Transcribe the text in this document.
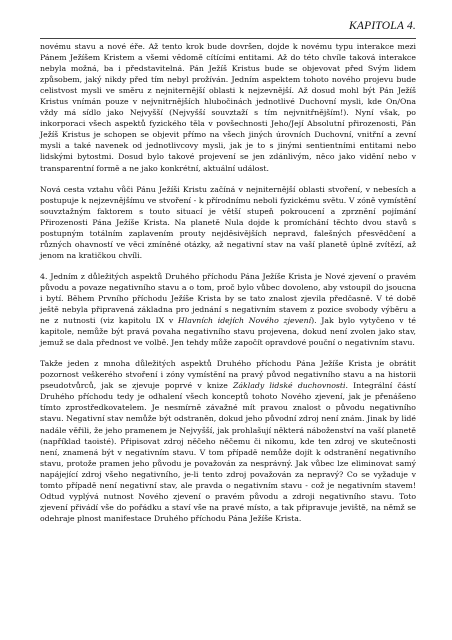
KAPITOLA 4.

novému stavu a nové éře. Až tento krok bude dovršen, dojde k novému typu interakce mezi Pánem Ježíšem Kristem a všemi vědomě cítícími entitami. Až do této chvíle taková interakce nebyla možná, ba i představitelná. Pán Ježíš Kristus bude se objevovat před Svým lidem způsobem, jaký nikdy před tím nebyl prožíván. Jedním aspektem tohoto nového projevu bude celistvost mysli ve směru z nejniternější oblasti k nejzevnější. Až dosud mohl být Pán Ježíš Kristus vnímán pouze v nejvnitrnějších hlubočinách jednotlivé Duchovní mysli, kde On/Ona vždy má sídlo jako Nejvyšší (Nejvyšší souvztaží s tím nejvnitřnějším!). Nyní však, po inkorporaci všech aspektů fyzického těla v povšechnosti Jeho/Její Absolutní přirozenosti, Pán Ježíš Kristus je schopen se objevit přímo na všech jiných úrovních Duchovní, vnitřní a zevní mysli a také navenek od jednotlivcovy mysli, jak je to s jinými sentientními entitami nebo lidskými bytostmi. Dosud bylo takové projevení se jen zdánlivým, něco jako vidění nebo v transparentní formě a ne jako konkrétní, aktuální událost.

Nová cesta vztahu vůči Pánu Ježíši Kristu začíná v nejniternější oblasti stvoření, v nebesích a postupuje k nejzevnějšímu ve stvoření - k přírodnímu neboli fyzickému světu. V zóně vymístění souvztažným faktorem s touto situací je větší stupeň pokroucení a zprznění pojímání Přirozenosti Pána Ježíše Krista. Na planetě Nula dojde k promíchání těchto dvou stavů s postupným totálním zaplavením prouty nejděsivějších nepravd, falešných přesvědčení a různých ohavností ve věci zmíněné otázky, až negativní stav na vaší planetě úplně zvítězí, až jenom na kratičkou chvíli.

4. Jedním z důležitých aspektů Druhého příchodu Pána Ježíše Krista je Nové zjevení o pravém původu a povaze negativního stavu a o tom, proč bylo vůbec dovoleno, aby vstoupil do jsoucna i bytí. Během Prvního příchodu Ježíše Krista by se tato znalost zjevila předčasně. V té době ještě nebyla připravená základna pro jednání s negativním stavem z pozice svobody výběru a ne z nutnosti (viz kapitolu IX v Hlavních idejích Nového zjevení). Jak bylo vytyčeno v té kapitole, nemůže být pravá povaha negativního stavu projevena, dokud není zvolen jako stav, jemuž se dala přednost ve volbě. Jen tehdy může započít opravdové pouční o negativním stavu.

Takže jeden z mnoha důležitých aspektů Druhého příchodu Pána Ježíše Krista je obrátit pozornost veškerého stvoření i zóny vymístění na pravý původ negativního stavu a na historii pseudotvůrců, jak se zjevuje poprvé v knize Základy lidské duchovnosti. Integrální částí Druhého příchodu tedy je odhalení všech konceptů tohoto Nového zjevení, jak je přenášeno tímto zprostředkovatelem. Je nesmírně závažné mít pravou znalost o původu negativního stavu. Negativní stav nemůže být odstraněn, dokud jeho původní zdroj není znám. Jinak by lidé nadále věřili, že jeho pramenem je Nejvyšší, jak prohlašují některá náboženství na vaší planetě (například taoisté). Připisovat zdroj něčeho něčemu či nikomu, kde ten zdroj ve skutečnosti není, znamená být v negativním stavu. V tom případě nemůže dojít k odstranění negativního stavu, protože pramen jeho původu je považován za nesprávný. Jak vůbec lze eliminovat samý napájející zdroj všeho negativního, je-li tento zdroj považován za nepravý? Co se vyžaduje v tomto případě není negativní stav, ale pravda o negativním stavu - což je negativním stavem! Odtud vyplývá nutnost Nového zjevení o pravém původu a zdroji negativního stavu. Toto zjevení přivádí vše do pořádku a staví vše na pravé místo, a tak připravuje jeviště, na němž se odehraje plnost manifestace Druhého příchodu Pána Ježíše Krista.
